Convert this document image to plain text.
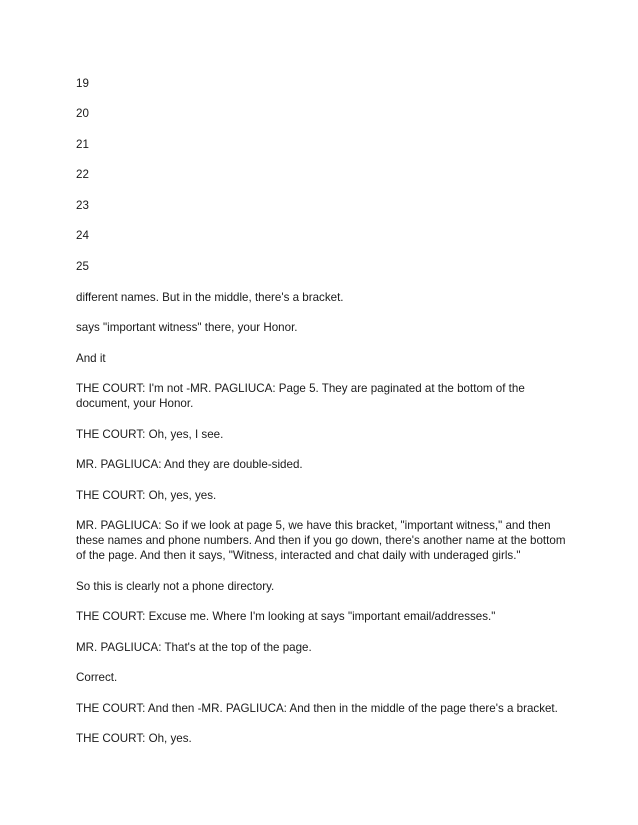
19

20

21

22

23

24

25

different names. But in the middle, there's a bracket.

says "important witness" there, your Honor.

And it

THE COURT: I'm not -MR. PAGLIUCA: Page 5. They are paginated at the bottom of the document, your Honor.

THE COURT: Oh, yes, I see.

MR. PAGLIUCA: And they are double-sided.

THE COURT: Oh, yes, yes.

MR. PAGLIUCA: So if we look at page 5, we have this bracket, "important witness," and then these names and phone numbers. And then if you go down, there's another name at the bottom of the page. And then it says, "Witness, interacted and chat daily with underaged girls."

So this is clearly not a phone directory.

THE COURT: Excuse me. Where I'm looking at says "important email/addresses."

MR. PAGLIUCA: That's at the top of the page.

Correct.

THE COURT: And then -MR. PAGLIUCA: And then in the middle of the page there's a bracket.

THE COURT: Oh, yes.
